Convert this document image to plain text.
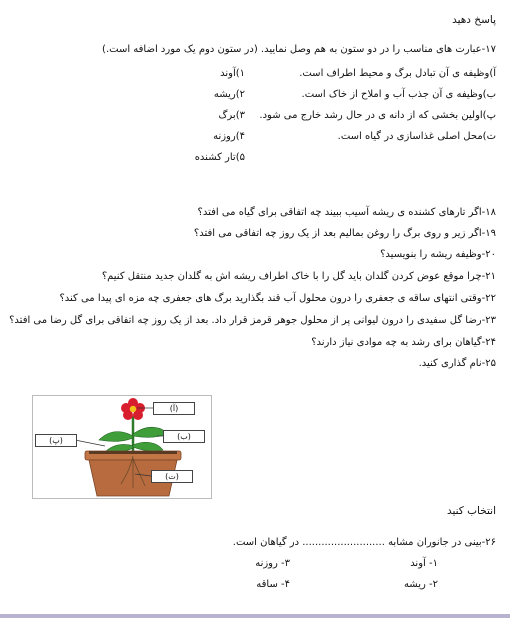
پاسخ دهید
۱۷-عبارت های مناسب را در دو ستون به هم وصل نمایید. (در ستون دوم یک مورد اضافه است.)
آ)وظیفه ی آن تبادل برگ و محیط اطراف است.
ب)وظیفه ی آن جذب آب و املاح از خاک است.
پ)اولین بخشی که از دانه ی در حال رشد خارج می شود.
ت)محل اصلی غذاسازی در گیاه است.
۱)آوند
۲)ریشه
۳)برگ
۴)روزنه
۵)تار کشنده
۱۸-اگر تارهای کشنده ی ریشه آسیب ببیند چه اتفاقی برای گیاه می افتد؟
۱۹-اگر زیر و روی برگ را روغن بمالیم بعد از یک روز چه اتفاقی می افتد؟
۲۰-وظیفه ریشه را بنویسید؟
۲۱-چرا موقع عوض کردن گلدان باید گل را با خاک اطراف ریشه اش به گلدان جدید منتقل کنیم؟
۲۲-وقتی انتهای ساقه ی جعفری را درون محلول آب قند بگذارید برگ های جعفری چه مزه ای پیدا می کند؟
۲۳-رضا گل سفیدی را درون لیوانی پر از محلول جوهر قرمز قرار داد. بعد از یک روز چه اتفاقی برای گل رضا می افتد؟
۲۴-گیاهان برای رشد به چه موادی نیاز دارند؟
۲۵-نام گذاری کنید.
(آ)
(ب)
(پ)
(ت)
انتخاب کنید
۲۶-بینی در جانوران مشابه .......................... در گیاهان است.
۱- آوند
۳- روزنه
۲- ریشه
۴- ساقه
